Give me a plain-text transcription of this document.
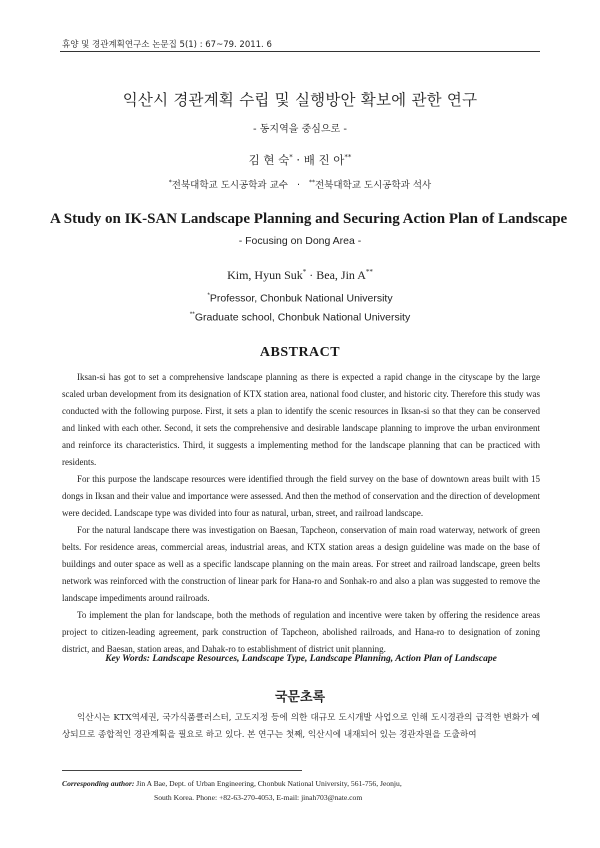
휴양 및 경관계획연구소 논문집 5(1) : 67~79. 2011. 6
익산시 경관계획 수립 및 실행방안 확보에 관한 연구
- 동지역을 중심으로 -
김 현 숙* · 배 진 아**
*전북대학교 도시공학과 교수 · **전북대학교 도시공학과 석사
A Study on IK-SAN Landscape Planning and Securing Action Plan of Landscape
- Focusing on Dong Area -
Kim, Hyun Suk* · Bea, Jin A**
*Professor, Chonbuk National University
**Graduate school, Chonbuk National University
ABSTRACT

Iksan-si has got to set a comprehensive landscape planning as there is expected a rapid change in the cityscape by the large scaled urban development from its designation of KTX station area, national food cluster, and historic city. Therefore this study was conducted with the following purpose. First, it sets a plan to identify the scenic resources in Iksan-si so that they can be conserved and linked with each other. Second, it sets the comprehensive and desirable landscape planning to improve the urban environment and reinforce its characteristics. Third, it suggests a implementing method for the landscape planning that can be practiced with residents.

For this purpose the landscape resources were identified through the field survey on the base of downtown areas built with 15 dongs in Iksan and their value and importance were assessed. And then the method of conservation and the direction of development were decided. Landscape type was divided into four as natural, urban, street, and railroad landscape.

For the natural landscape there was investigation on Baesan, Tapcheon, conservation of main road waterway, network of green belts. For residence areas, commercial areas, industrial areas, and KTX station areas a design guideline was made on the base of buildings and outer space as well as a specific landscape planning on the main areas. For street and railroad landscape, green belts network was reinforced with the construction of linear park for Hana-ro and Sonhak-ro and also a plan was suggested to remove the landscape impediments around railroads.

To implement the plan for landscape, both the methods of regulation and incentive were taken by offering the residence areas project to citizen-leading agreement, park construction of Tapcheon, abolished railroads, and Hana-ro to designation of zoning district, and Baesan, station areas, and Dahak-ro to establishment of district unit planning.

Key Words: Landscape Resources, Landscape Type, Landscape Planning, Action Plan of Landscape
국문초록

익산시는 KTX역세권, 국가식품클러스터, 고도지정 등에 의한 대규모 도시개발 사업으로 인해 도시경관의 급격한 변화가 예상되므로 종합적인 경관계획을 필요로 하고 있다. 본 연구는 첫째, 익산시에 내재되어 있는 경관자원을 도출하여

Corresponding author: Jin A Bae, Dept. of Urban Engineering, Chonbuk National University, 561-756, Jeonju,
South Korea. Phone: +82-63-270-4053, E-mail: jinah703@nate.com
